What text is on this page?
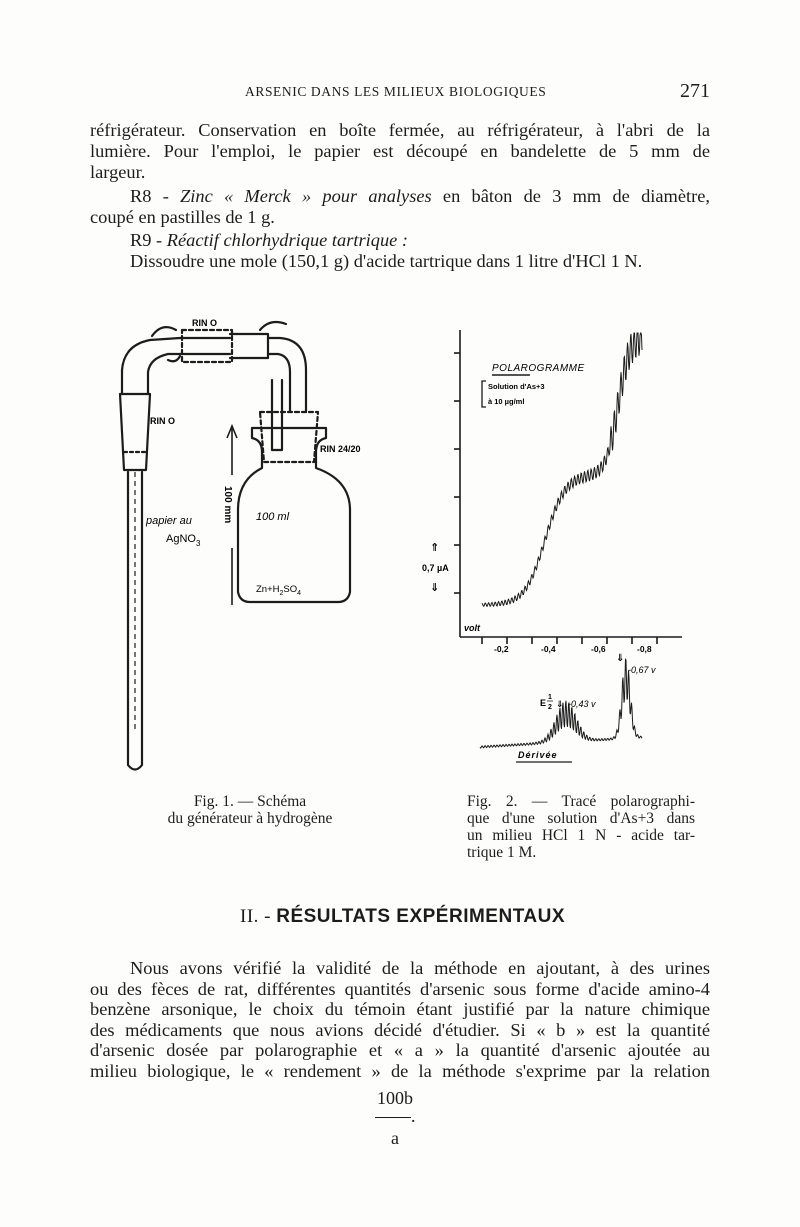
ARSENIC DANS LES MILIEUX BIOLOGIQUES	271
réfrigérateur. Conservation en boîte fermée, au réfrigérateur, à l'abri de la
lumière. Pour l'emploi, le papier est découpé en bandelette de 5 mm de
largeur.
R8 - Zinc « Merck » pour analyses en bâton de 3 mm de diamètre,
coupé en pastilles de 1 g.
R9 - Réactif chlorhydrique tartrique :
Dissoudre une mole (150,1 g) d'acide tartrique dans 1 litre d'HCl 1 N.
RIN O
RIN O
RIN 24/20
papier au
AgNO$_3$
100 ml
100 mm
$Zn+H_2SO_4$
Fig. 1. — Schéma
du générateur à hydrogène
⇑
⇓
0,7 µA
POLAROGRAMME
Solution d'As+3
à 10 µg/ml
volt
-0,2	-0,4	-0,6	-0,8
⇓
-0,67 v
E
1
2 ⇓ -0,43 v
Dérivée
Fig. 2. — Tracé polarographi-
que d'une solution d'As+3 dans
un milieu HCl 1 N - acide tar-
trique 1 M.
II. - RÉSULTATS EXPÉRIMENTAUX
Nous avons vérifié la validité de la méthode en ajoutant, à des urines
ou des fèces de rat, différentes quantités d'arsenic sous forme d'acide amino-4
benzène arsonique, le choix du témoin étant justifié par la nature chimique
des médicaments que nous avions décidé d'étudier. Si « b » est la quantité
d'arsenic dosée par polarographie et « a » la quantité d'arsenic ajoutée au
milieu biologique, le « rendement » de la méthode s'exprime par la relation
100b
.
a
